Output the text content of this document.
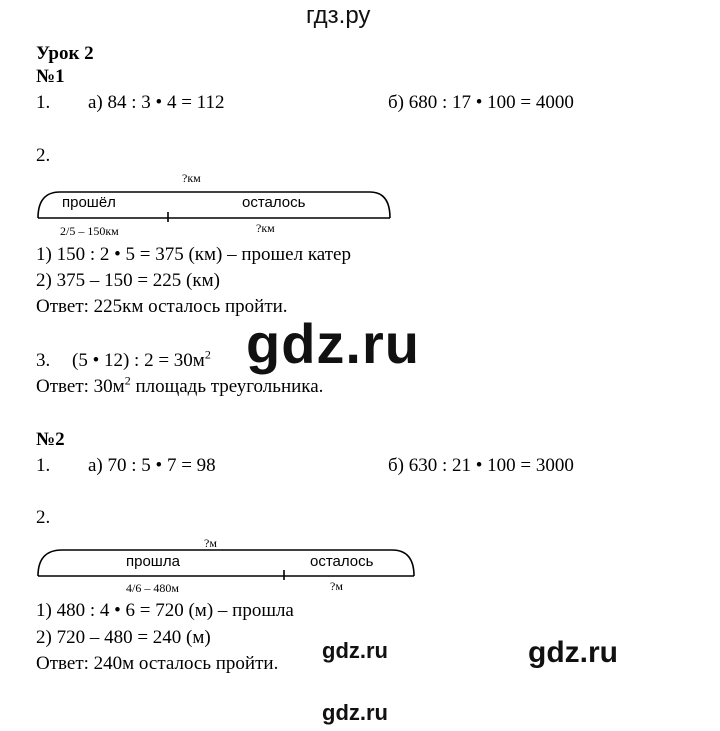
гдз.ру
Урок 2
№1
1. а) 84 : 3 • 4 = 112	б) 680 : 17 • 100 = 4000
2.
?км
прошёл	осталось
2/5 – 150км	?км
1) 150 : 2 • 5 = 375 (км) – прошел катер
2) 375 – 150 = 225 (км)
Ответ: 225км осталось пройти.
3. (5 • 12) : $2 = 30м^2$
Ответ: $30м^2$ площадь треугольника.
gdz.ru
№2
1. а) 70 : 5 • 7 = 98	б) 630 : 21 • 100 = 3000
2.
?м
прошла	осталось
4/6 – 480м	?м
1) 480 : 4 • 6 = 720 (м) – прошла
2) 720 – 480 = 240 (м)
Ответ: 240м осталось пройти.
gdz.ru	gdz.ru
gdz.ru
